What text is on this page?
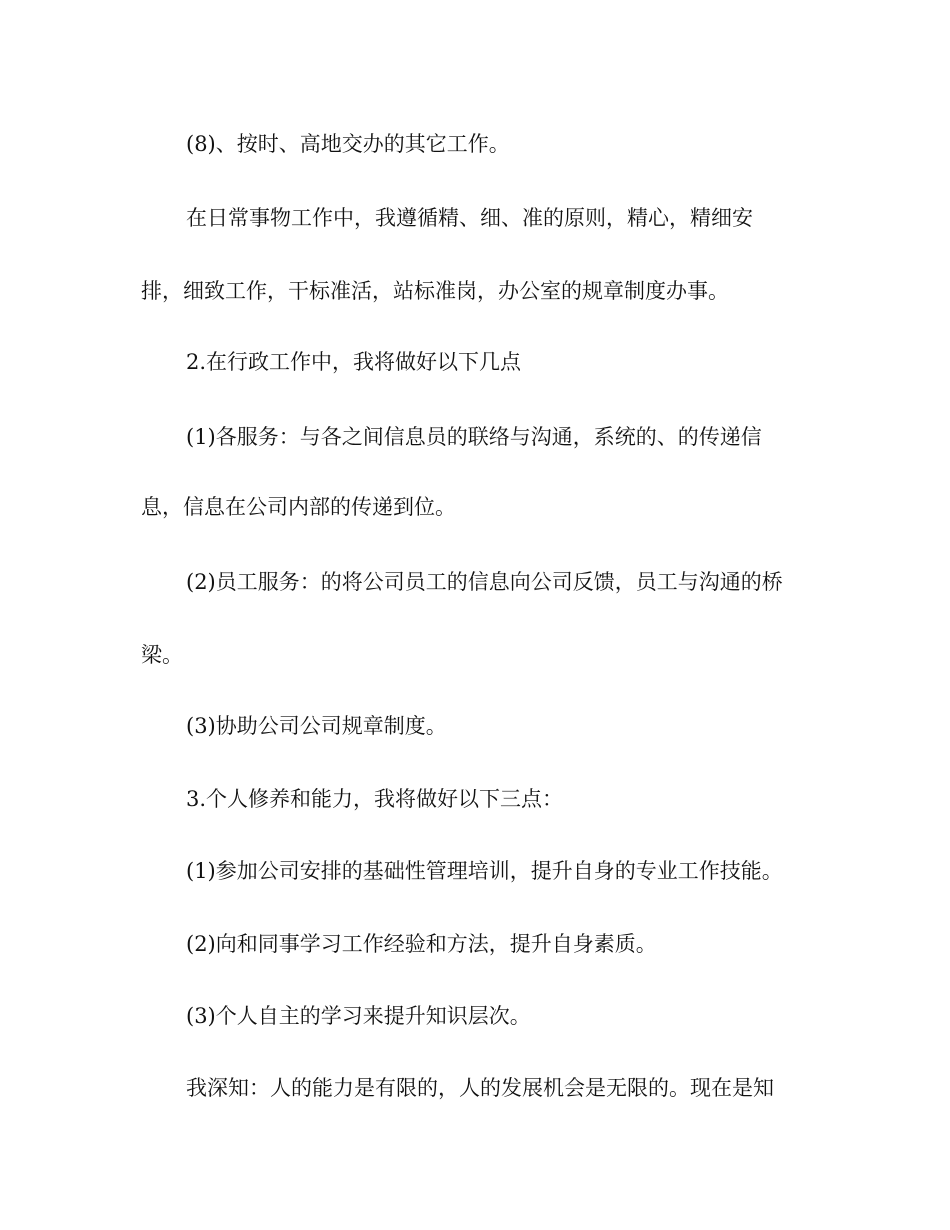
(8)、按时、高地交办的其它工作。

在日常事物工作中，我遵循精、细、准的原则，精心，精细安

排，细致工作，干标准活，站标准岗，办公室的规章制度办事。

2.在行政工作中，我将做好以下几点

(1)各服务：与各之间信息员的联络与沟通，系统的、的传递信

息，信息在公司内部的传递到位。

(2)员工服务：的将公司员工的信息向公司反馈，员工与沟通的桥

梁。

(3)协助公司公司规章制度。

3.个人修养和能力，我将做好以下三点：

(1)参加公司安排的基础性管理培训，提升自身的专业工作技能。

(2)向和同事学习工作经验和方法，提升自身素质。

(3)个人自主的学习来提升知识层次。

我深知：人的能力是有限的，人的发展机会是无限的。现在是知
